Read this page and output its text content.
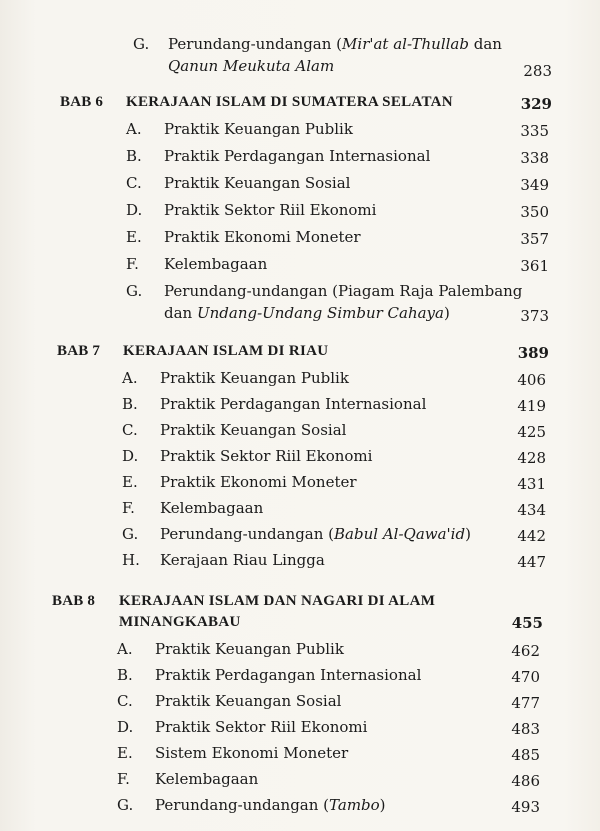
G. Perundang-undangan (Mir'at al-Thullab dan
Qanun Meukuta Alam	283
BAB 6 KERAJAAN ISLAM DI SUMATERA SELATAN	329
A. Praktik Keuangan Publik	335
B. Praktik Perdagangan Internasional	338
C. Praktik Keuangan Sosial	349
D. Praktik Sektor Riil Ekonomi	350
E. Praktik Ekonomi Moneter	357
F. Kelembagaan	361
G. Perundang-undangan (Piagam Raja Palembang
dan Undang-Undang Simbur Cahaya)	373
BAB 7 KERAJAAN ISLAM DI RIAU	389
A. Praktik Keuangan Publik	406
B. Praktik Perdagangan Internasional	419
C. Praktik Keuangan Sosial	425
D. Praktik Sektor Riil Ekonomi	428
E. Praktik Ekonomi Moneter	431
F. Kelembagaan	434
G. Perundang-undangan (Babul Al-Qawa'id)	442
H. Kerajaan Riau Lingga	447
BAB 8 KERAJAAN ISLAM DAN NAGARI DI ALAM
MINANGKABAU	455
A. Praktik Keuangan Publik	462
B. Praktik Perdagangan Internasional	470
C. Praktik Keuangan Sosial	477
D. Praktik Sektor Riil Ekonomi	483
E. Sistem Ekonomi Moneter	485
F. Kelembagaan	486
G. Perundang-undangan (Tambo)	493
